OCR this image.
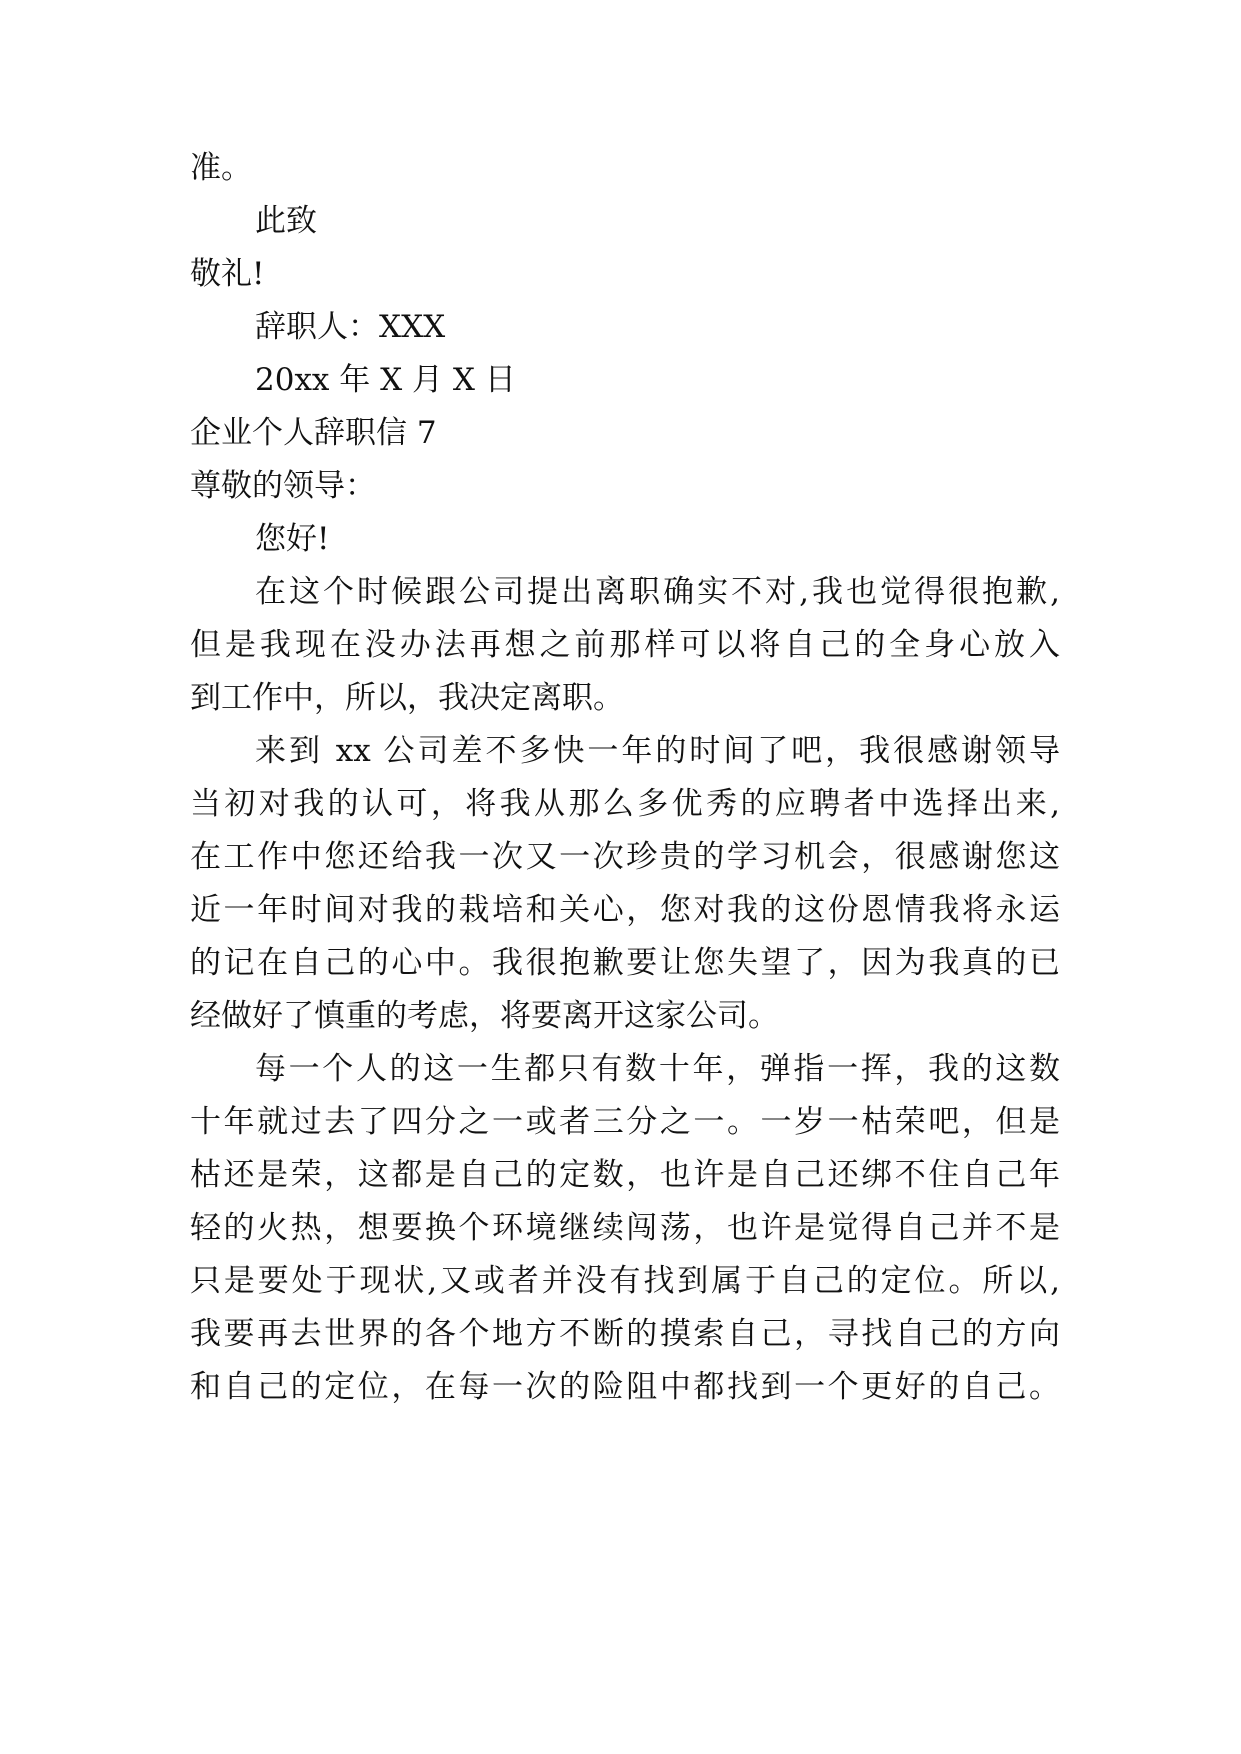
准。

此致

敬礼!

辞职人：XXX

20xx 年 X 月 X 日

企业个人辞职信 7

尊敬的领导：

您好!

在这个时候跟公司提出离职确实不对,我也觉得很抱歉,

但是我现在没办法再想之前那样可以将自己的全身心放入

到工作中，所以，我决定离职。

来到 xx 公司差不多快一年的时间了吧，我很感谢领导

当初对我的认可，将我从那么多优秀的应聘者中选择出来,

在工作中您还给我一次又一次珍贵的学习机会，很感谢您这

近一年时间对我的栽培和关心，您对我的这份恩情我将永运

的记在自己的心中。我很抱歉要让您失望了，因为我真的已

经做好了慎重的考虑，将要离开这家公司。

每一个人的这一生都只有数十年，弹指一挥，我的这数

十年就过去了四分之一或者三分之一。一岁一枯荣吧，但是

枯还是荣，这都是自己的定数，也许是自己还绑不住自己年

轻的火热，想要换个环境继续闯荡，也许是觉得自己并不是

只是要处于现状,又或者并没有找到属于自己的定位。所以,

我要再去世界的各个地方不断的摸索自己，寻找自己的方向

和自己的定位，在每一次的险阻中都找到一个更好的自己。
